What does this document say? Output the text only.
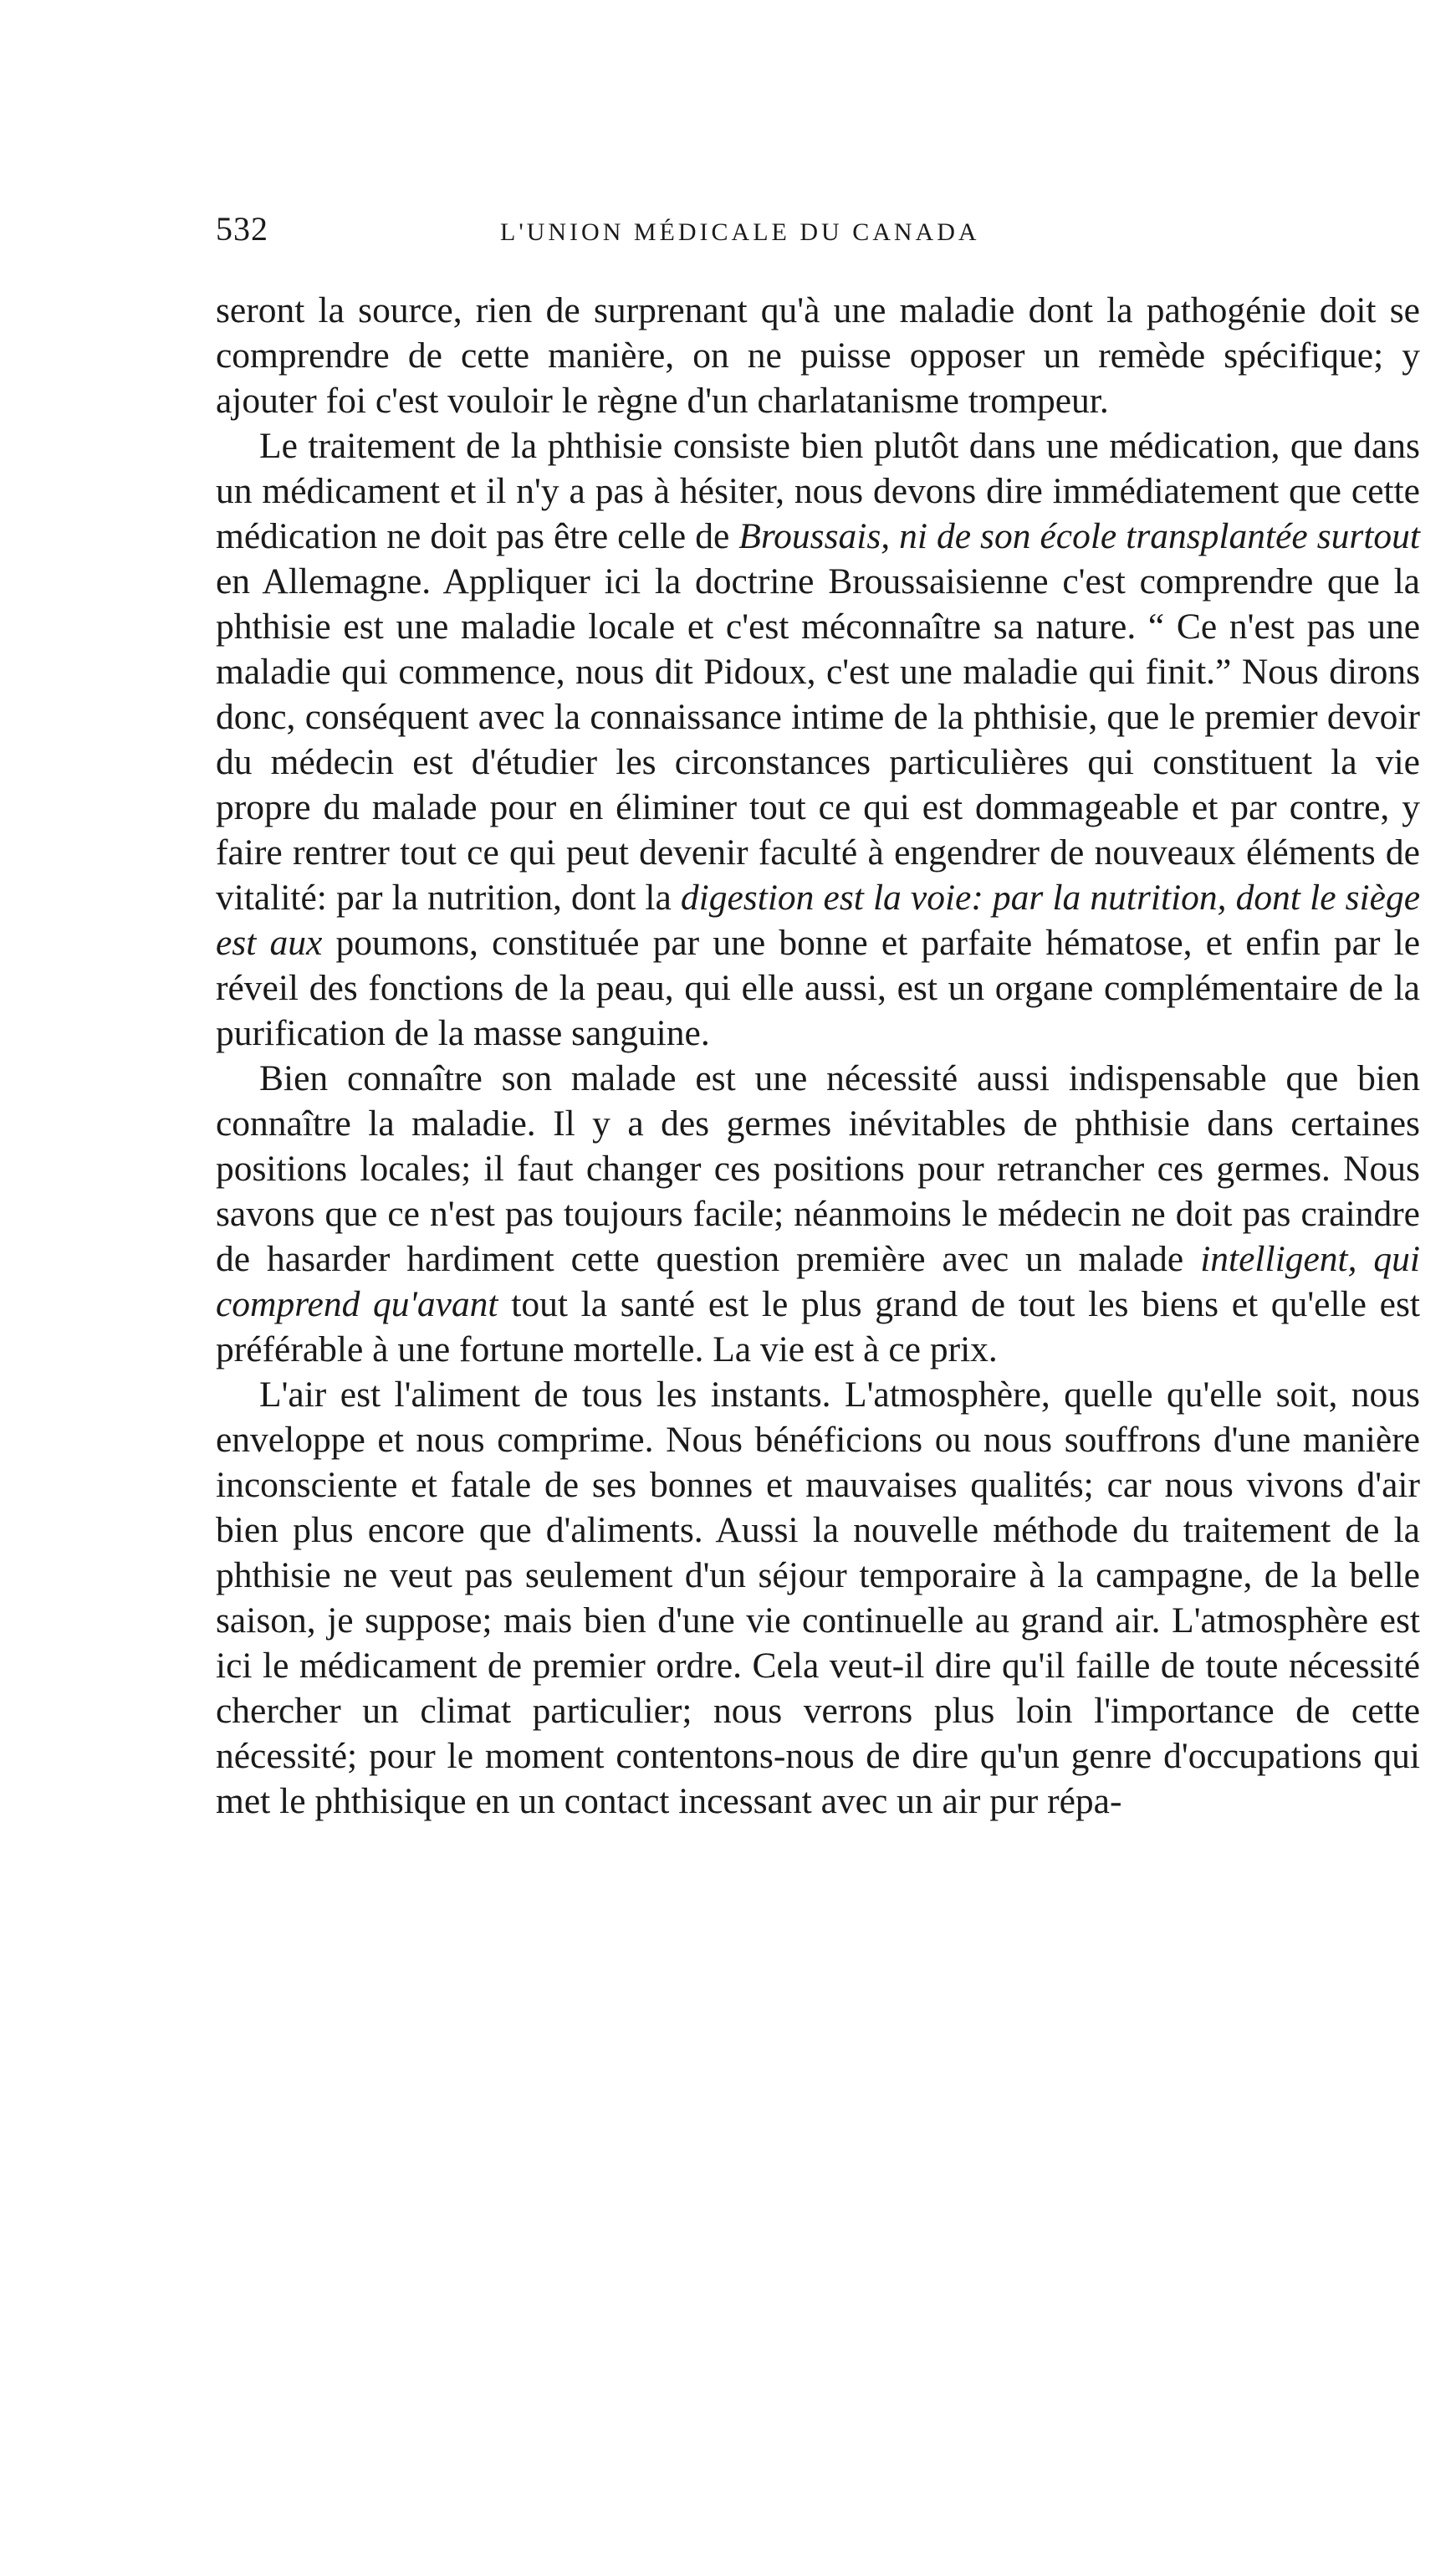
532	L'UNION MÉDICALE DU CANADA

seront la source, rien de surprenant qu'à une maladie dont la pathogénie doit se comprendre de cette manière, on ne puisse opposer un remède spécifique; y ajouter foi c'est vouloir le règne d'un charlatanisme trompeur.

Le traitement de la phthisie consiste bien plutôt dans une médication, que dans un médicament et il n'y a pas à hésiter, nous devons dire immédiatement que cette médication ne doit pas être celle de Broussais, ni de son école transplantée surtout en Allemagne. Appliquer ici la doctrine Broussaisienne c'est comprendre que la phthisie est une maladie locale et c'est méconnaître sa nature. “ Ce n'est pas une maladie qui commence, nous dit Pidoux, c'est une maladie qui finit.” Nous dirons donc, conséquent avec la connaissance intime de la phthisie, que le premier devoir du médecin est d'étudier les circonstances particulières qui constituent la vie propre du malade pour en éliminer tout ce qui est dommageable et par contre, y faire rentrer tout ce qui peut devenir faculté à engendrer de nouveaux éléments de vitalité: par la nutrition, dont la digestion est la voie: par la nutrition, dont le siège est aux poumons, constituée par une bonne et parfaite hématose, et enfin par le réveil des fonctions de la peau, qui elle aussi, est un organe complémentaire de la purification de la masse sanguine.

Bien connaître son malade est une nécessité aussi indispensable que bien connaître la maladie. Il y a des germes inévitables de phthisie dans certaines positions locales; il faut changer ces positions pour retrancher ces germes. Nous savons que ce n'est pas toujours facile; néanmoins le médecin ne doit pas craindre de hasarder hardiment cette question première avec un malade intelligent, qui comprend qu'avant tout la santé est le plus grand de tout les biens et qu'elle est préférable à une fortune mortelle. La vie est à ce prix.

L'air est l'aliment de tous les instants. L'atmosphère, quelle qu'elle soit, nous enveloppe et nous comprime. Nous bénéficions ou nous souffrons d'une manière inconsciente et fatale de ses bonnes et mauvaises qualités; car nous vivons d'air bien plus encore que d'aliments. Aussi la nouvelle méthode du traitement de la phthisie ne veut pas seulement d'un séjour temporaire à la campagne, de la belle saison, je suppose; mais bien d'une vie continuelle au grand air. L'atmosphère est ici le médicament de premier ordre. Cela veut-il dire qu'il faille de toute nécessité chercher un climat particulier; nous verrons plus loin l'importance de cette nécessité; pour le moment contentons-nous de dire qu'un genre d'occupations qui met le phthisique en un contact incessant avec un air pur répa-
